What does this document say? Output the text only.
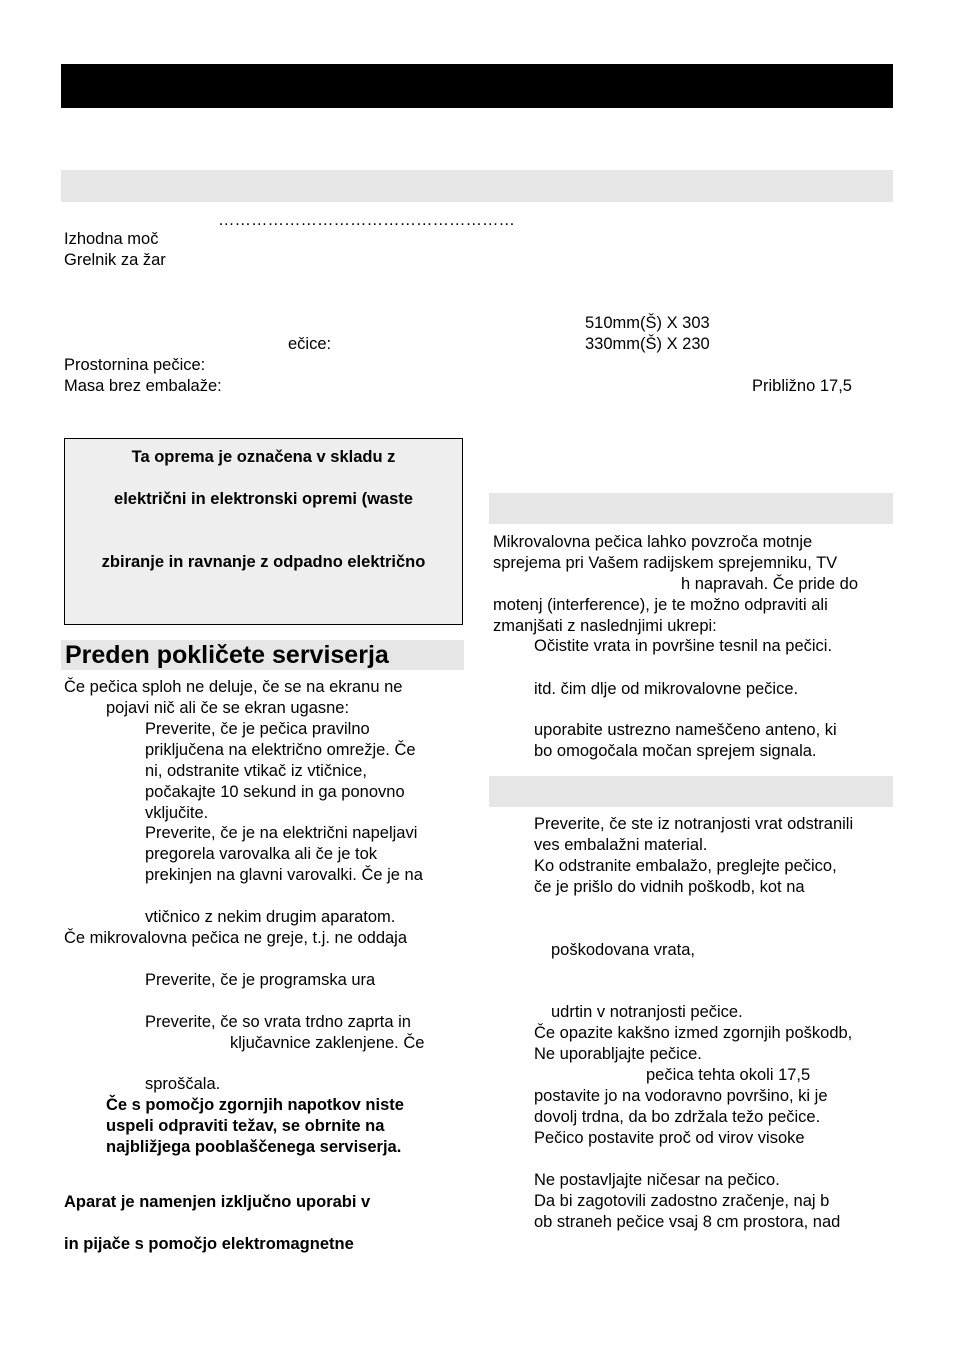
………………………………………………
Izhodna moč
Grelnik za žar
510mm(Š) X 303
ečice:	330mm(Š) X 230
Prostornina pečice:
Masa brez embalaže:	Približno 17,5
Ta oprema je označena v skladu z
električni in elektronski opremi (waste
zbiranje in ravnanje z odpadno električno
Preden pokličete serviserja
Če pečica sploh ne deluje, če se na ekranu ne
pojavi nič ali če se ekran ugasne:
Preverite, če je pečica pravilno
priključena na električno omrežje. Če
ni, odstranite vtikač iz vtičnice,
počakajte 10 sekund in ga ponovno
vključite.
Preverite, če je na električni napeljavi
pregorela varovalka ali če je tok
prekinjen na glavni varovalki. Če je na
vtičnico z nekim drugim aparatom.
Če mikrovalovna pečica ne greje, t.j. ne oddaja
Preverite, če je programska ura
Preverite, če so vrata trdno zaprta in
ključavnice zaklenjene. Če
sproščala.
Če s pomočjo zgornjih napotkov niste
uspeli odpraviti težav, se obrnite na
najbližjega pooblaščenega serviserja.
Aparat je namenjen izključno uporabi v
in pijače s pomočjo elektromagnetne
Mikrovalovna pečica lahko povzroča motnje
sprejema pri Vašem radijskem sprejemniku, TV
h napravah. Če pride do
motenj (interference), je te možno odpraviti ali
zmanjšati z naslednjimi ukrepi:
Očistite vrata in površine tesnil na pečici.
itd. čim dlje od mikrovalovne pečice.
uporabite ustrezno nameščeno anteno, ki
bo omogočala močan sprejem signala.
Preverite, če ste iz notranjosti vrat odstranili
ves embalažni material.
Ko odstranite embalažo, preglejte pečico,
če je prišlo do vidnih poškodb, kot na
poškodovana vrata,
udrtin v notranjosti pečice.
Če opazite kakšno izmed zgornjih poškodb,
Ne uporabljajte pečice.
pečica tehta okoli 17,5
postavite jo na vodoravno površino, ki je
dovolj trdna, da bo zdržala težo pečice.
Pečico postavite proč od virov visoke
Ne postavljajte ničesar na pečico.
Da bi zagotovili zadostno zračenje, naj b
ob straneh pečice vsaj 8 cm prostora, nad
